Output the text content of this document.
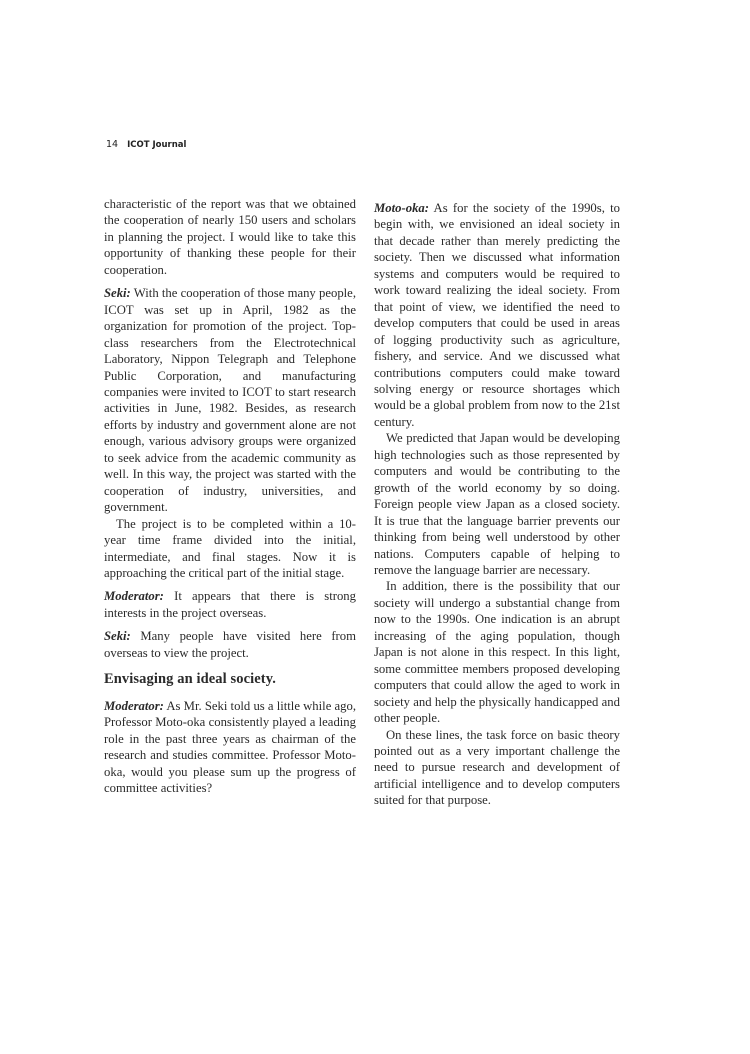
14 ICOT Journal

characteristic of the report was that we obtained the cooperation of nearly 150 users and scholars in planning the project. I would like to take this opportunity of thanking these people for their cooperation.

Seki: With the cooperation of those many people, ICOT was set up in April, 1982 as the organization for promotion of the project. Top-class researchers from the Electrotechnical Laboratory, Nippon Telegraph and Telephone Public Corporation, and manufacturing companies were invited to ICOT to start research activities in June, 1982. Besides, as research efforts by industry and government alone are not enough, various advisory groups were organized to seek advice from the academic community as well. In this way, the project was started with the cooperation of industry, universities, and government.

The project is to be completed within a 10-year time frame divided into the initial, intermediate, and final stages. Now it is approaching the critical part of the initial stage.

Moderator: It appears that there is strong interests in the project overseas.

Seki: Many people have visited here from overseas to view the project.

Envisaging an ideal society.

Moderator: As Mr. Seki told us a little while ago, Professor Moto-oka consistently played a leading role in the past three years as chairman of the research and studies committee. Professor Moto-oka, would you please sum up the progress of committee activities?

Moto-oka: As for the society of the 1990s, to begin with, we envisioned an ideal society in that decade rather than merely predicting the society. Then we discussed what information systems and computers would be required to work toward realizing the ideal society. From that point of view, we identified the need to develop computers that could be used in areas of logging productivity such as agriculture, fishery, and service. And we discussed what contributions computers could make toward solving energy or resource shortages which would be a global problem from now to the 21st century.

We predicted that Japan would be developing high technologies such as those represented by computers and would be contributing to the growth of the world economy by so doing. Foreign people view Japan as a closed society. It is true that the language barrier prevents our thinking from being well understood by other nations. Computers capable of helping to remove the language barrier are necessary.

In addition, there is the possibility that our society will undergo a substantial change from now to the 1990s. One indication is an abrupt increasing of the aging population, though Japan is not alone in this respect. In this light, some committee members proposed developing computers that could allow the aged to work in society and help the physically handicapped and other people.

On these lines, the task force on basic theory pointed out as a very important challenge the need to pursue research and development of artificial intelligence and to develop computers suited for that purpose.
